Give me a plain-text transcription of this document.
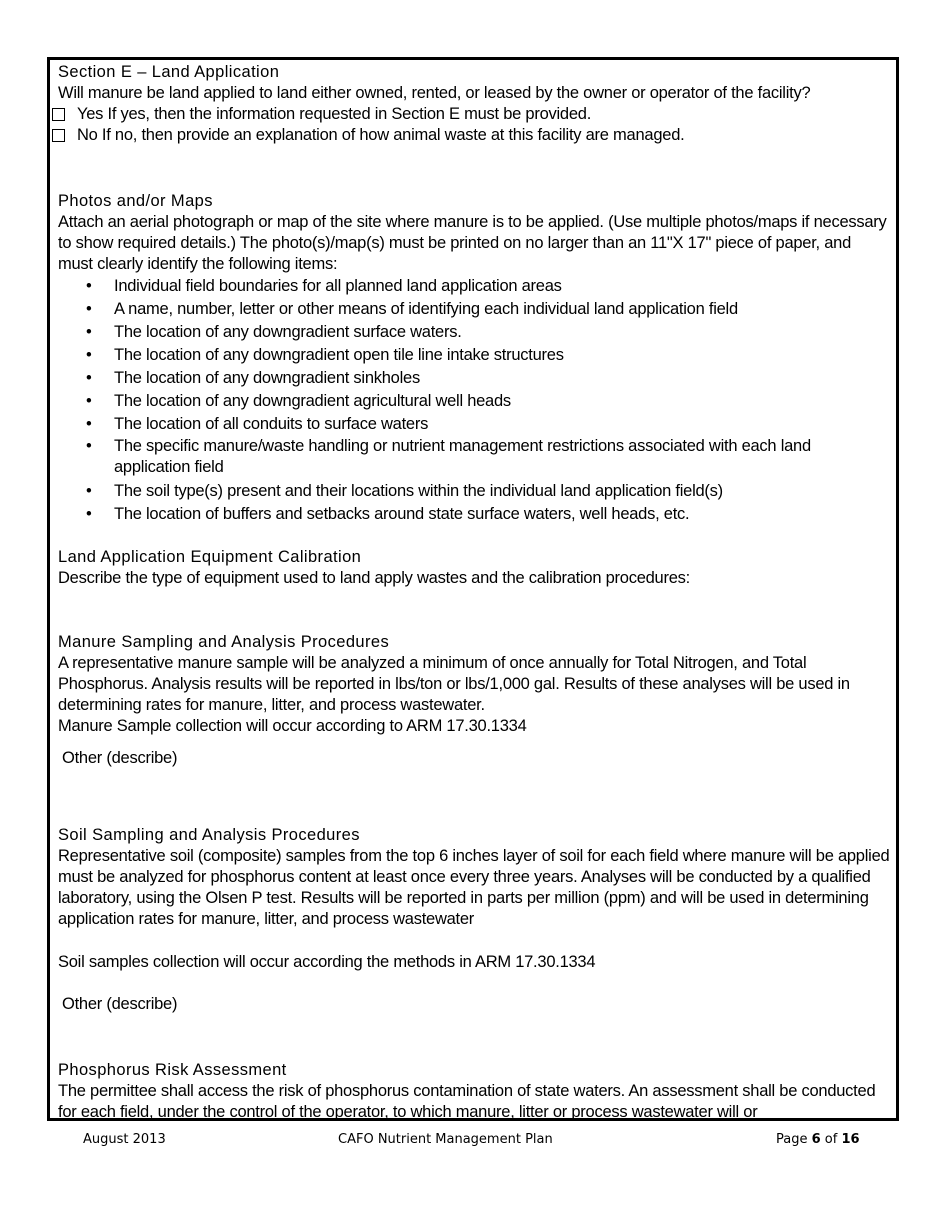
Section E – Land Application

Will manure be land applied to land either owned, rented, or leased by the owner or operator of the facility?

Yes If yes, then the information requested in Section E must be provided.
No If no, then provide an explanation of how animal waste at this facility are managed.

Photos and/or Maps

Attach an aerial photograph or map of the site where manure is to be applied. (Use multiple photos/maps if necessary to show required details.) The photo(s)/map(s) must be printed on no larger than an 11"X 17" piece of paper, and must clearly identify the following items:

• Individual field boundaries for all planned land application areas
• A name, number, letter or other means of identifying each individual land application field
• The location of any downgradient surface waters.
• The location of any downgradient open tile line intake structures
• The location of any downgradient sinkholes
• The location of any downgradient agricultural well heads
• The location of all conduits to surface waters
• The specific manure/waste handling or nutrient management restrictions associated with each land application field
• The soil type(s) present and their locations within the individual land application field(s)
• The location of buffers and setbacks around state surface waters, well heads, etc.

Land Application Equipment Calibration

Describe the type of equipment used to land apply wastes and the calibration procedures:

Manure Sampling and Analysis Procedures

A representative manure sample will be analyzed a minimum of once annually for Total Nitrogen, and Total Phosphorus. Analysis results will be reported in lbs/ton or lbs/1,000 gal. Results of these analyses will be used in determining rates for manure, litter, and process wastewater.

Manure Sample collection will occur according to ARM 17.30.1334

Other (describe)

Soil Sampling and Analysis Procedures

Representative soil (composite) samples from the top 6 inches layer of soil for each field where manure will be applied must be analyzed for phosphorus content at least once every three years. Analyses will be conducted by a qualified laboratory, using the Olsen P test. Results will be reported in parts per million (ppm) and will be used in determining application rates for manure, litter, and process wastewater

Soil samples collection will occur according the methods in ARM 17.30.1334

Other (describe)

Phosphorus Risk Assessment

The permittee shall access the risk of phosphorus contamination of state waters. An assessment shall be conducted for each field, under the control of the operator, to which manure, litter or process wastewater will or

August 2013	CAFO Nutrient Management Plan	Page 6 of 16
